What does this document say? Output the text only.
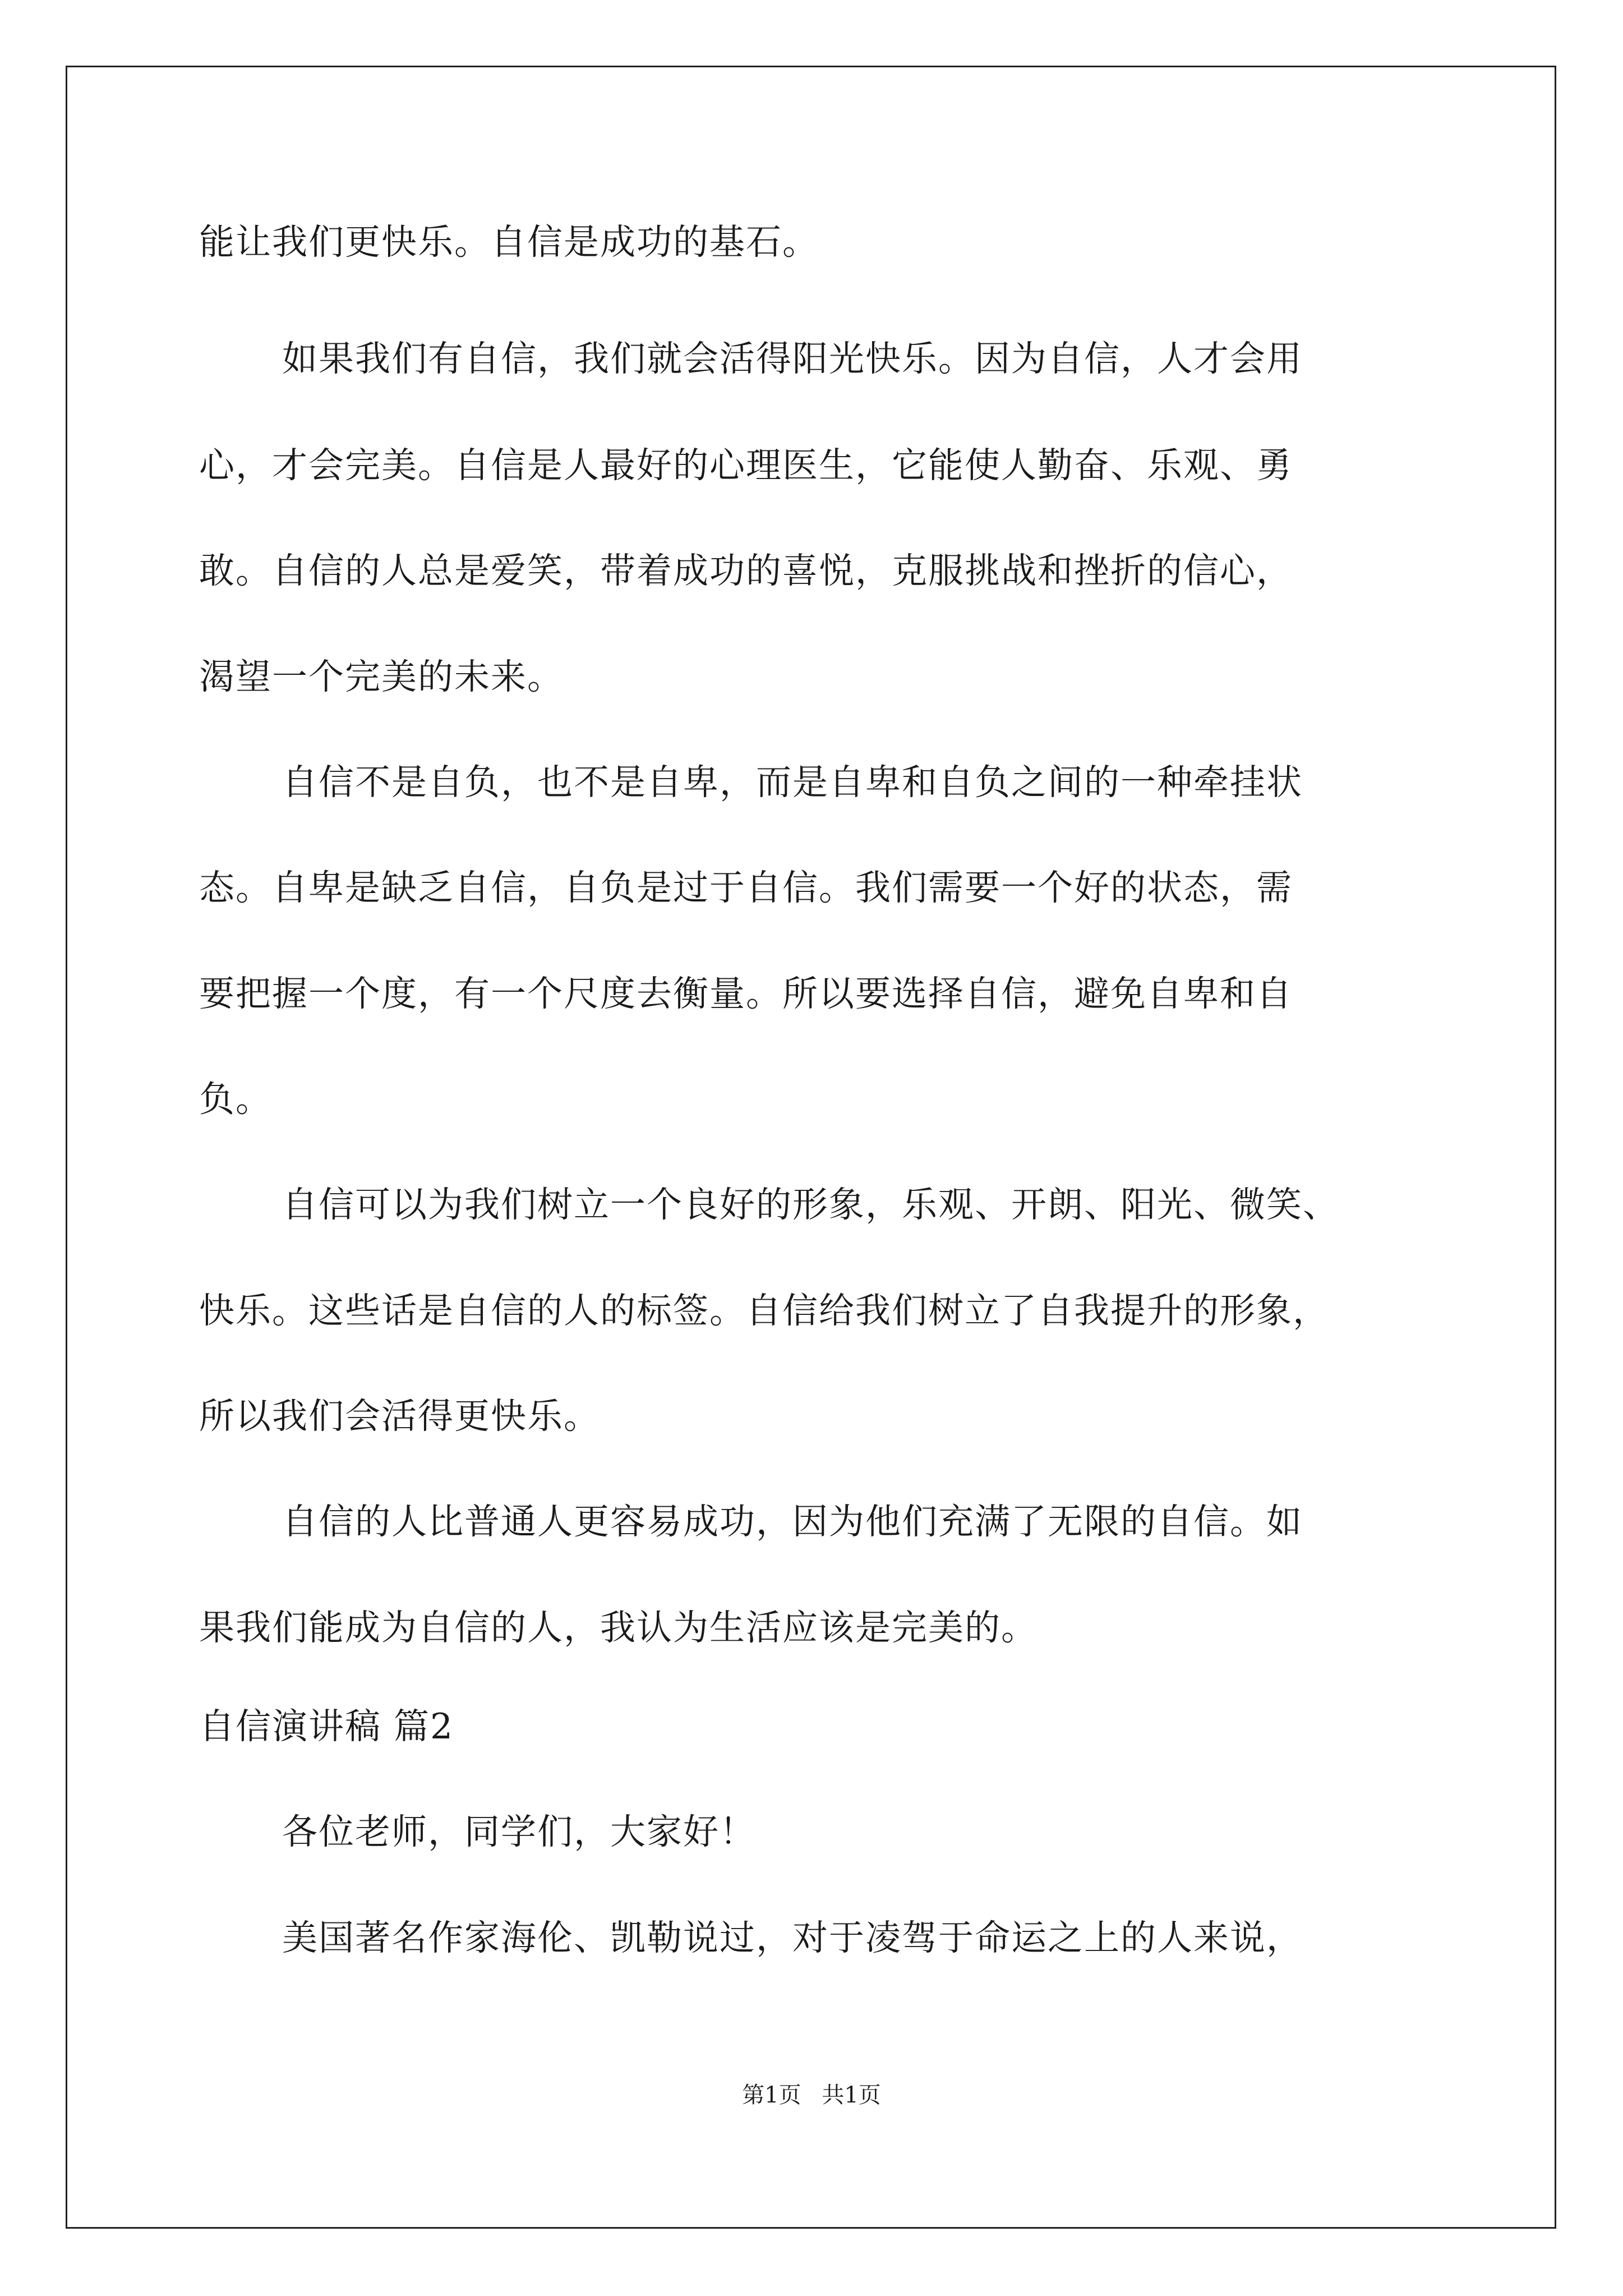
能让我们更快乐。自信是成功的基石。
如果我们有自信，我们就会活得阳光快乐。因为自信，人才会用
心，才会完美。自信是人最好的心理医生，它能使人勤奋、乐观、勇
敢。自信的人总是爱笑，带着成功的喜悦，克服挑战和挫折的信心，
渴望一个完美的未来。
自信不是自负，也不是自卑，而是自卑和自负之间的一种牵挂状
态。自卑是缺乏自信，自负是过于自信。我们需要一个好的状态，需
要把握一个度，有一个尺度去衡量。所以要选择自信，避免自卑和自
负。
自信可以为我们树立一个良好的形象，乐观、开朗、阳光、微笑、
快乐。这些话是自信的人的标签。自信给我们树立了自我提升的形象，
所以我们会活得更快乐。
自信的人比普通人更容易成功，因为他们充满了无限的自信。如
果我们能成为自信的人，我认为生活应该是完美的。
自信演讲稿 篇2
各位老师，同学们，大家好！
美国著名作家海伦、凯勒说过，对于凌驾于命运之上的人来说，
第1页 共1页
